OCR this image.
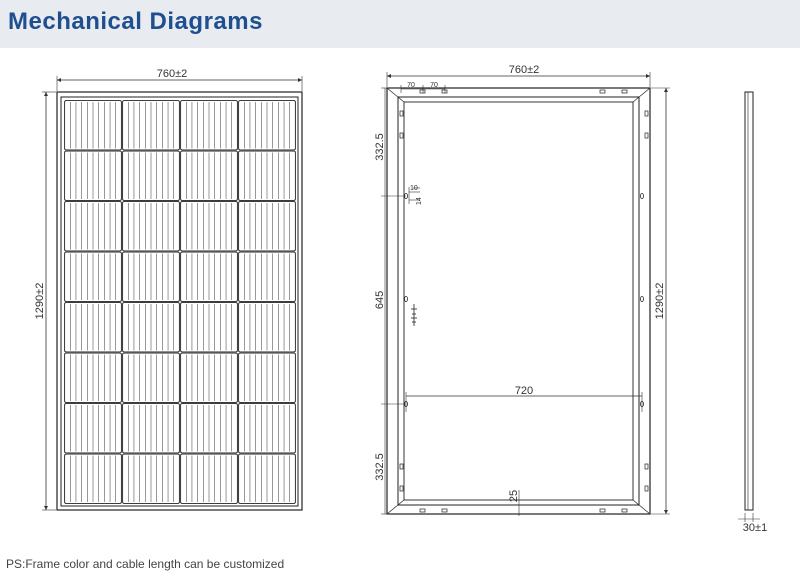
Mechanical Diagrams
760±2
1290±2
10
14
760±2
70 70
332.5
645
332.5
720
1290±2
25
30±1
PS:Frame color and cable length can be customized
